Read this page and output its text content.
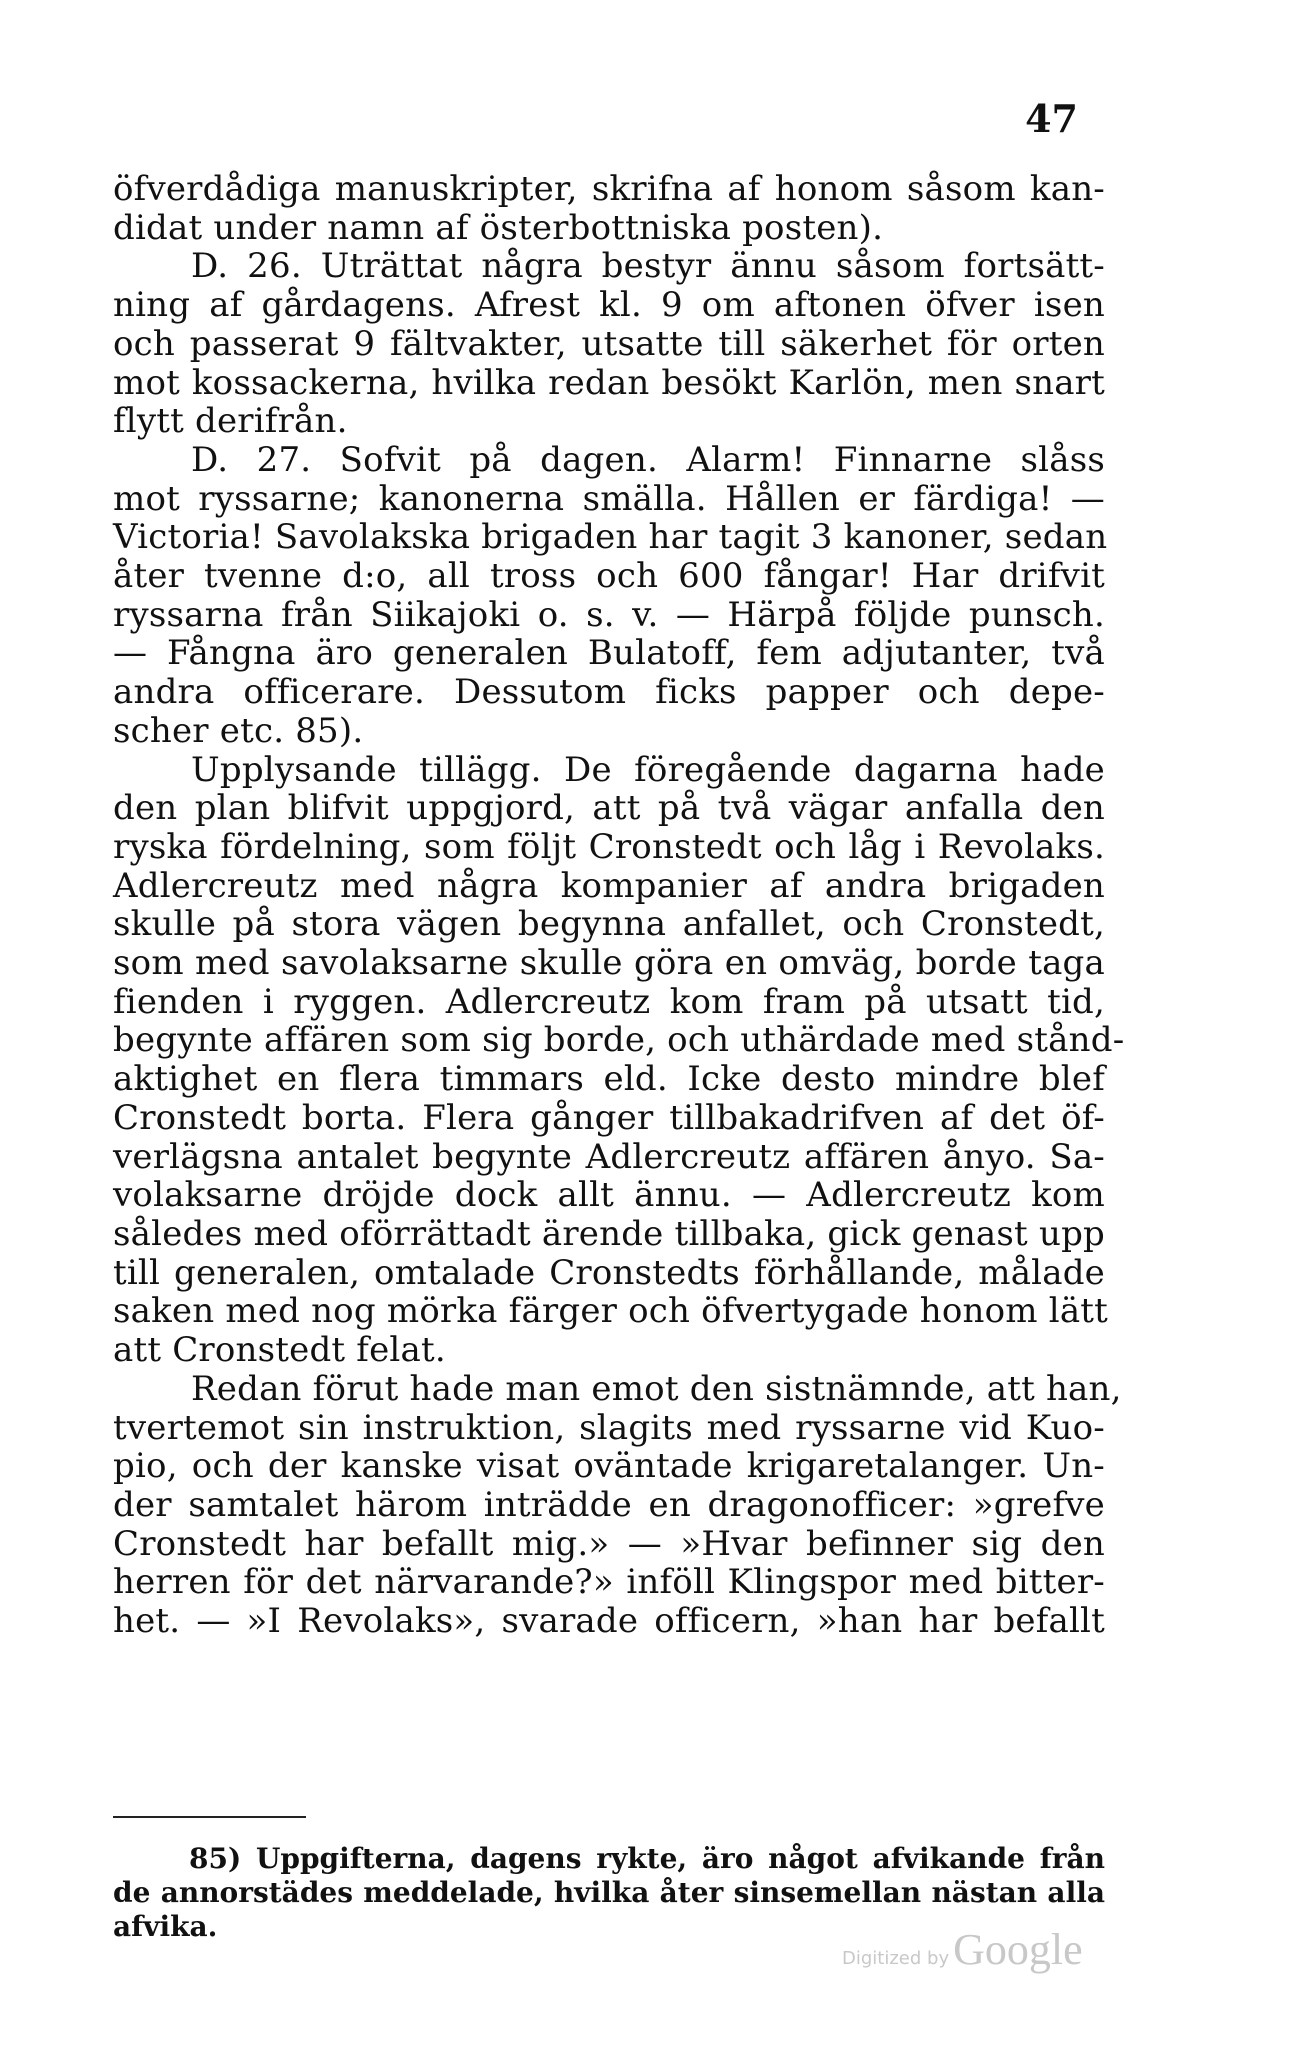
47
öfverdådiga manuskripter, skrifna af honom såsom kan-
didat under namn af österbottniska posten).
D. 26. Uträttat några bestyr ännu såsom fortsätt-
ning af gårdagens. Afrest kl. 9 om aftonen öfver isen
och passerat 9 fältvakter, utsatte till säkerhet för orten
mot kossackerna, hvilka redan besökt Karlön, men snart
flytt derifrån.
D. 27. Sofvit på dagen. Alarm! Finnarne slåss
mot ryssarne; kanonerna smälla. Hållen er färdiga! —
Victoria! Savolakska brigaden har tagit 3 kanoner, sedan
åter tvenne d:o, all tross och 600 fångar! Har drifvit
ryssarna från Siikajoki o. s. v. — Härpå följde punsch.
— Fångna äro generalen Bulatoff, fem adjutanter, två
andra officerare. Dessutom ficks papper och depe-
scher etc. 85).
Upplysande tillägg. De föregående dagarna hade
den plan blifvit uppgjord, att på två vägar anfalla den
ryska fördelning, som följt Cronstedt och låg i Revolaks.
Adlercreutz med några kompanier af andra brigaden
skulle på stora vägen begynna anfallet, och Cronstedt,
som med savolaksarne skulle göra en omväg, borde taga
fienden i ryggen. Adlercreutz kom fram på utsatt tid,
begynte affären som sig borde, och uthärdade med stånd-
aktighet en flera timmars eld. Icke desto mindre blef
Cronstedt borta. Flera gånger tillbakadrifven af det öf-
verlägsna antalet begynte Adlercreutz affären ånyo. Sa-
volaksarne dröjde dock allt ännu. — Adlercreutz kom
således med oförrättadt ärende tillbaka, gick genast upp
till generalen, omtalade Cronstedts förhållande, målade
saken med nog mörka färger och öfvertygade honom lätt
att Cronstedt felat.
Redan förut hade man emot den sistnämnde, att han,
tvertemot sin instruktion, slagits med ryssarne vid Kuo-
pio, och der kanske visat oväntade krigaretalanger. Un-
der samtalet härom inträdde en dragonofficer: »grefve
Cronstedt har befallt mig.» — »Hvar befinner sig den
herren för det närvarande?» inföll Klingspor med bitter-
het. — »I Revolaks», svarade officern, »han har befallt
85) Uppgifterna, dagens rykte, äro något afvikande från
de annorstädes meddelade, hvilka åter sinsemellan nästan alla
afvika.
Digitized by Google
